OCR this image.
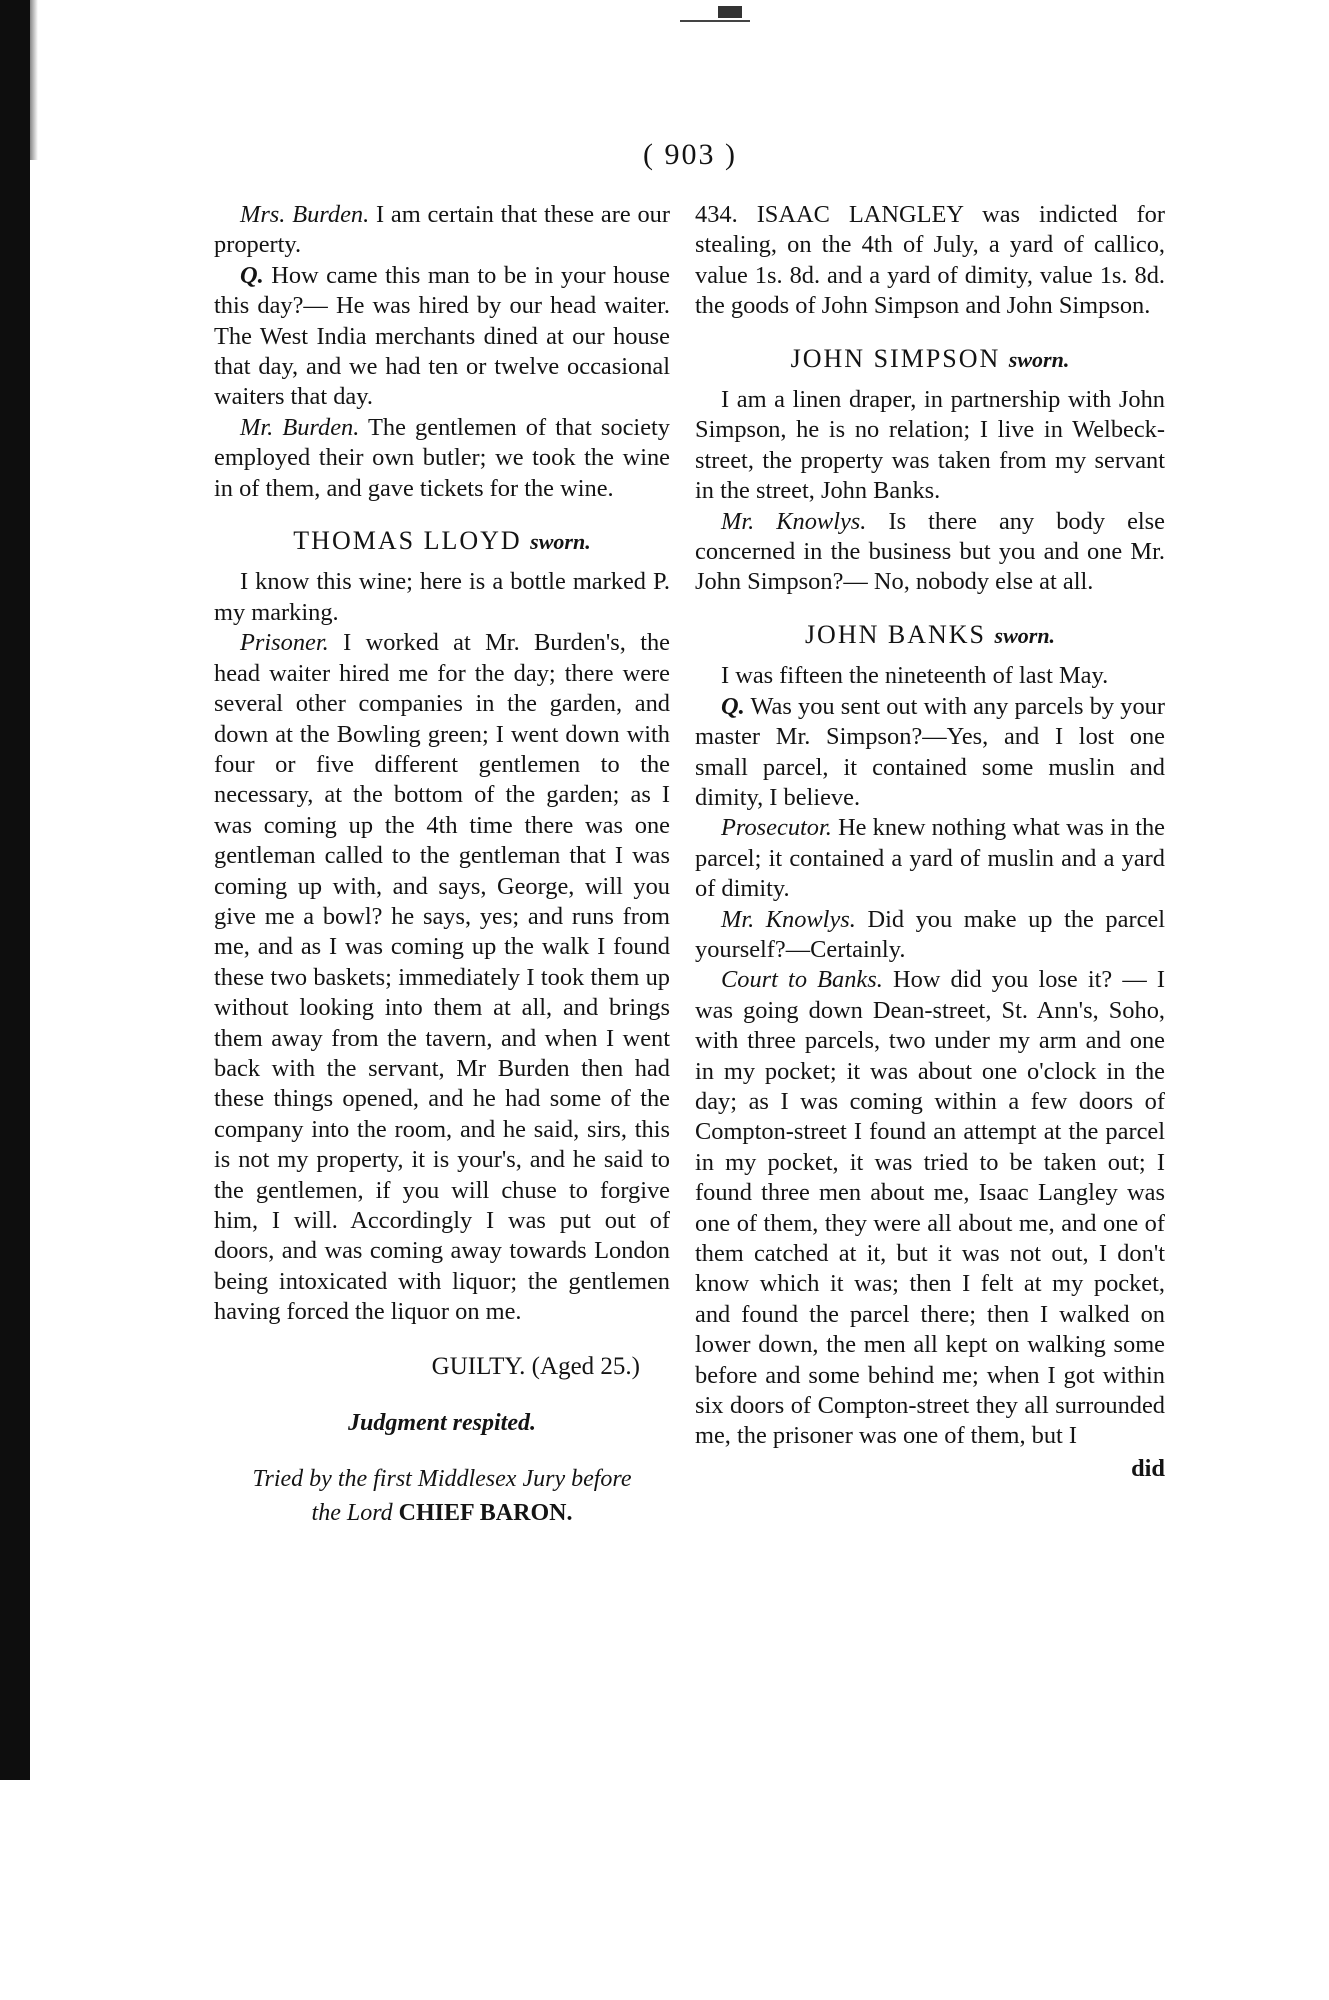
( 903 )

Mrs. Burden. I am certain that these are our property.

Q. How came this man to be in your house this day?— He was hired by our head waiter. The West India merchants dined at our house that day, and we had ten or twelve occasional waiters that day.

Mr. Burden. The gentlemen of that society employed their own butler; we took the wine in of them, and gave tickets for the wine.

THOMAS LLOYD sworn.

I know this wine; here is a bottle marked P. my marking.

Prisoner. I worked at Mr. Burden's, the head waiter hired me for the day; there were several other companies in the garden, and down at the Bowling green; I went down with four or five different gentlemen to the necessary, at the bottom of the garden; as I was coming up the 4th time there was one gentleman called to the gentleman that I was coming up with, and says, George, will you give me a bowl? he says, yes; and runs from me, and as I was coming up the walk I found these two baskets; immediately I took them up without looking into them at all, and brings them away from the tavern, and when I went back with the servant, Mr Burden then had these things opened, and he had some of the company into the room, and he said, sirs, this is not my property, it is your's, and he said to the gentlemen, if you will chuse to forgive him, I will. Accordingly I was put out of doors, and was coming away towards London being intoxicated with liquor; the gentlemen having forced the liquor on me.

GUILTY. (Aged 25.)
Judgment respited.
Tried by the first Middlesex Jury before
the Lord CHIEF BARON.

434. ISAAC LANGLEY was indicted for stealing, on the 4th of July, a yard of callico, value 1s. 8d. and a yard of dimity, value 1s. 8d. the goods of John Simpson and John Simpson.

JOHN SIMPSON sworn.

I am a linen draper, in partnership with John Simpson, he is no relation; I live in Welbeck-street, the property was taken from my servant in the street, John Banks.

Mr. Knowlys. Is there any body else concerned in the business but you and one Mr. John Simpson?— No, nobody else at all.

JOHN BANKS sworn.

I was fifteen the nineteenth of last May.

Q. Was you sent out with any parcels by your master Mr. Simpson?—Yes, and I lost one small parcel, it contained some muslin and dimity, I believe.

Prosecutor. He knew nothing what was in the parcel; it contained a yard of muslin and a yard of dimity.

Mr. Knowlys. Did you make up the parcel yourself?—Certainly.

Court to Banks. How did you lose it? — I was going down Dean-street, St. Ann's, Soho, with three parcels, two under my arm and one in my pocket; it was about one o'clock in the day; as I was coming within a few doors of Compton-street I found an attempt at the parcel in my pocket, it was tried to be taken out; I found three men about me, Isaac Langley was one of them, they were all about me, and one of them catched at it, but it was not out, I don't know which it was; then I felt at my pocket, and found the parcel there; then I walked on lower down, the men all kept on walking some before and some behind me; when I got within six doors of Compton-street they all surrounded me, the prisoner was one of them, but I

did
